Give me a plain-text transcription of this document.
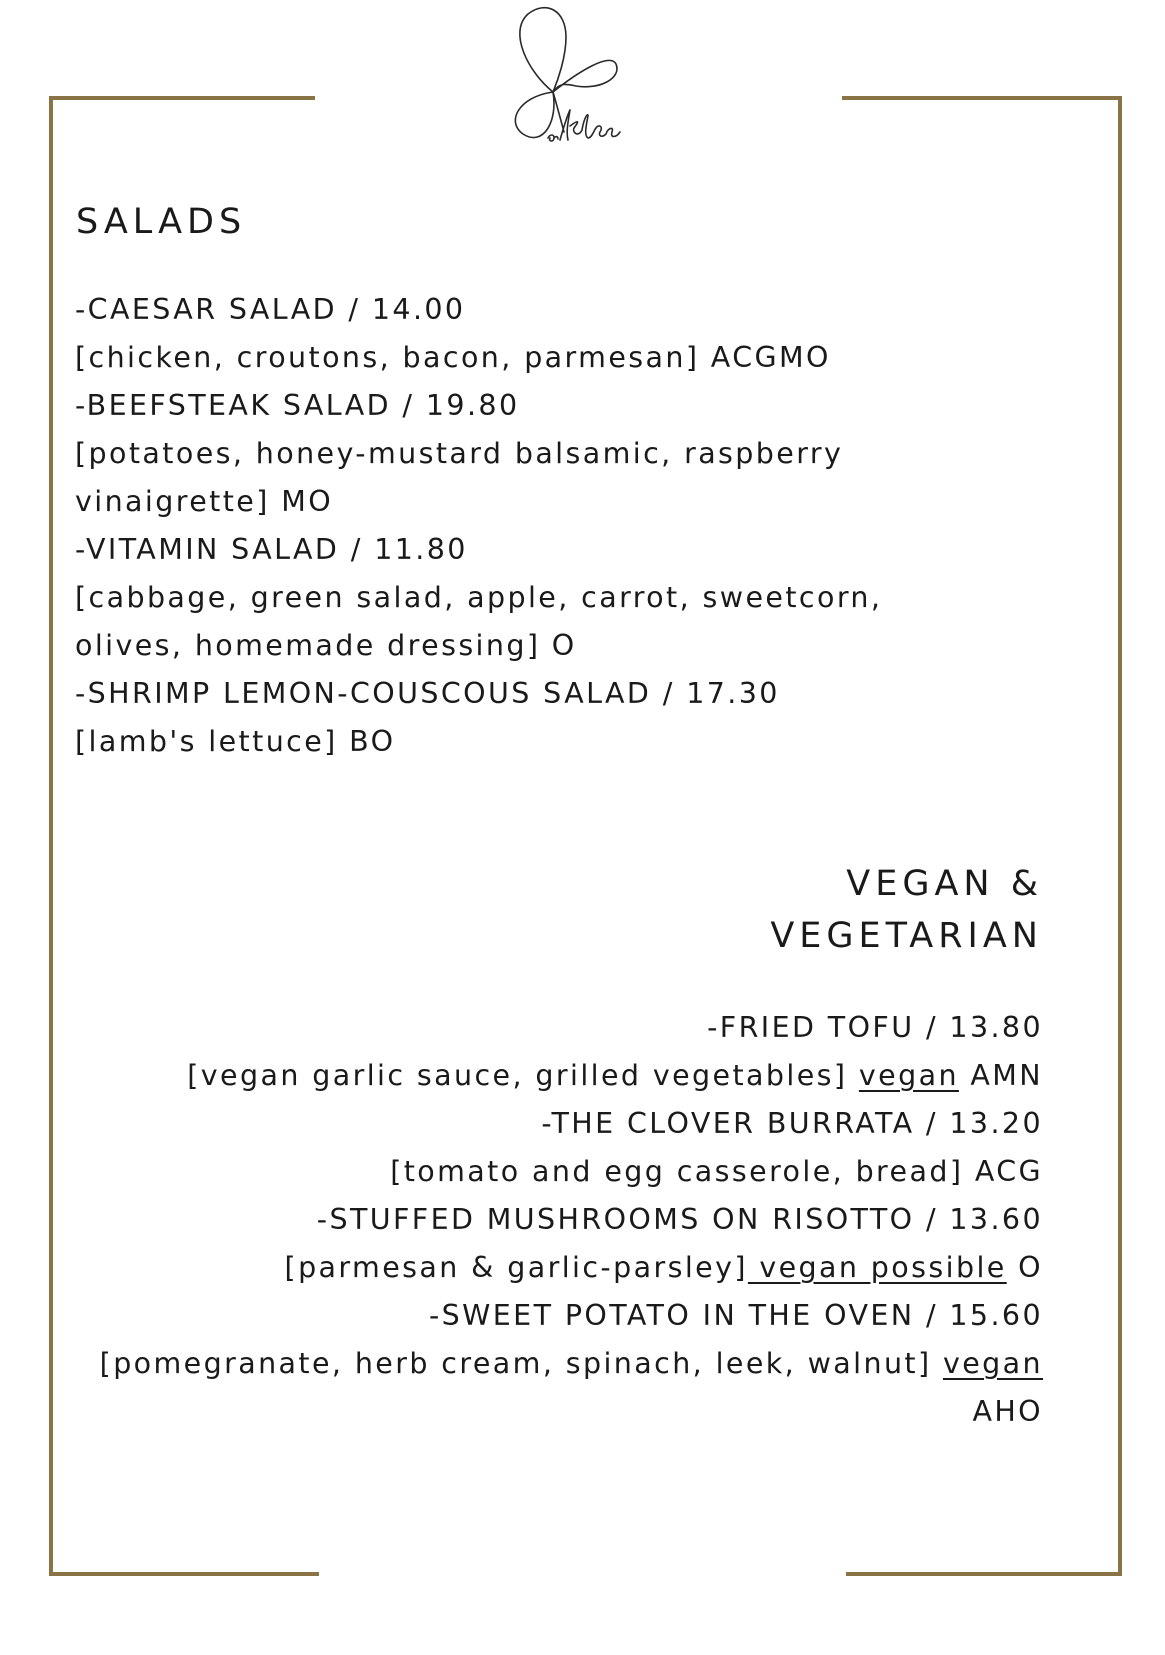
SALADS
-CAESAR SALAD / 14.00
[chicken, croutons, bacon, parmesan] ACGMO
-BEEFSTEAK SALAD / 19.80
[potatoes, honey-mustard balsamic, raspberry
vinaigrette] MO
-VITAMIN SALAD / 11.80
[cabbage, green salad, apple, carrot, sweetcorn,
olives, homemade dressing] O
-SHRIMP LEMON-COUSCOUS SALAD / 17.30
[lamb's lettuce] BO
VEGAN &
VEGETARIAN
-FRIED TOFU / 13.80
[vegan garlic sauce, grilled vegetables] vegan AMN
-THE CLOVER BURRATA / 13.20
[tomato and egg casserole, bread] ACG
-STUFFED MUSHROOMS ON RISOTTO / 13.60
[parmesan & garlic-parsley] vegan possible O
-SWEET POTATO IN THE OVEN / 15.60
[pomegranate, herb cream, spinach, leek, walnut] vegan
AHO
